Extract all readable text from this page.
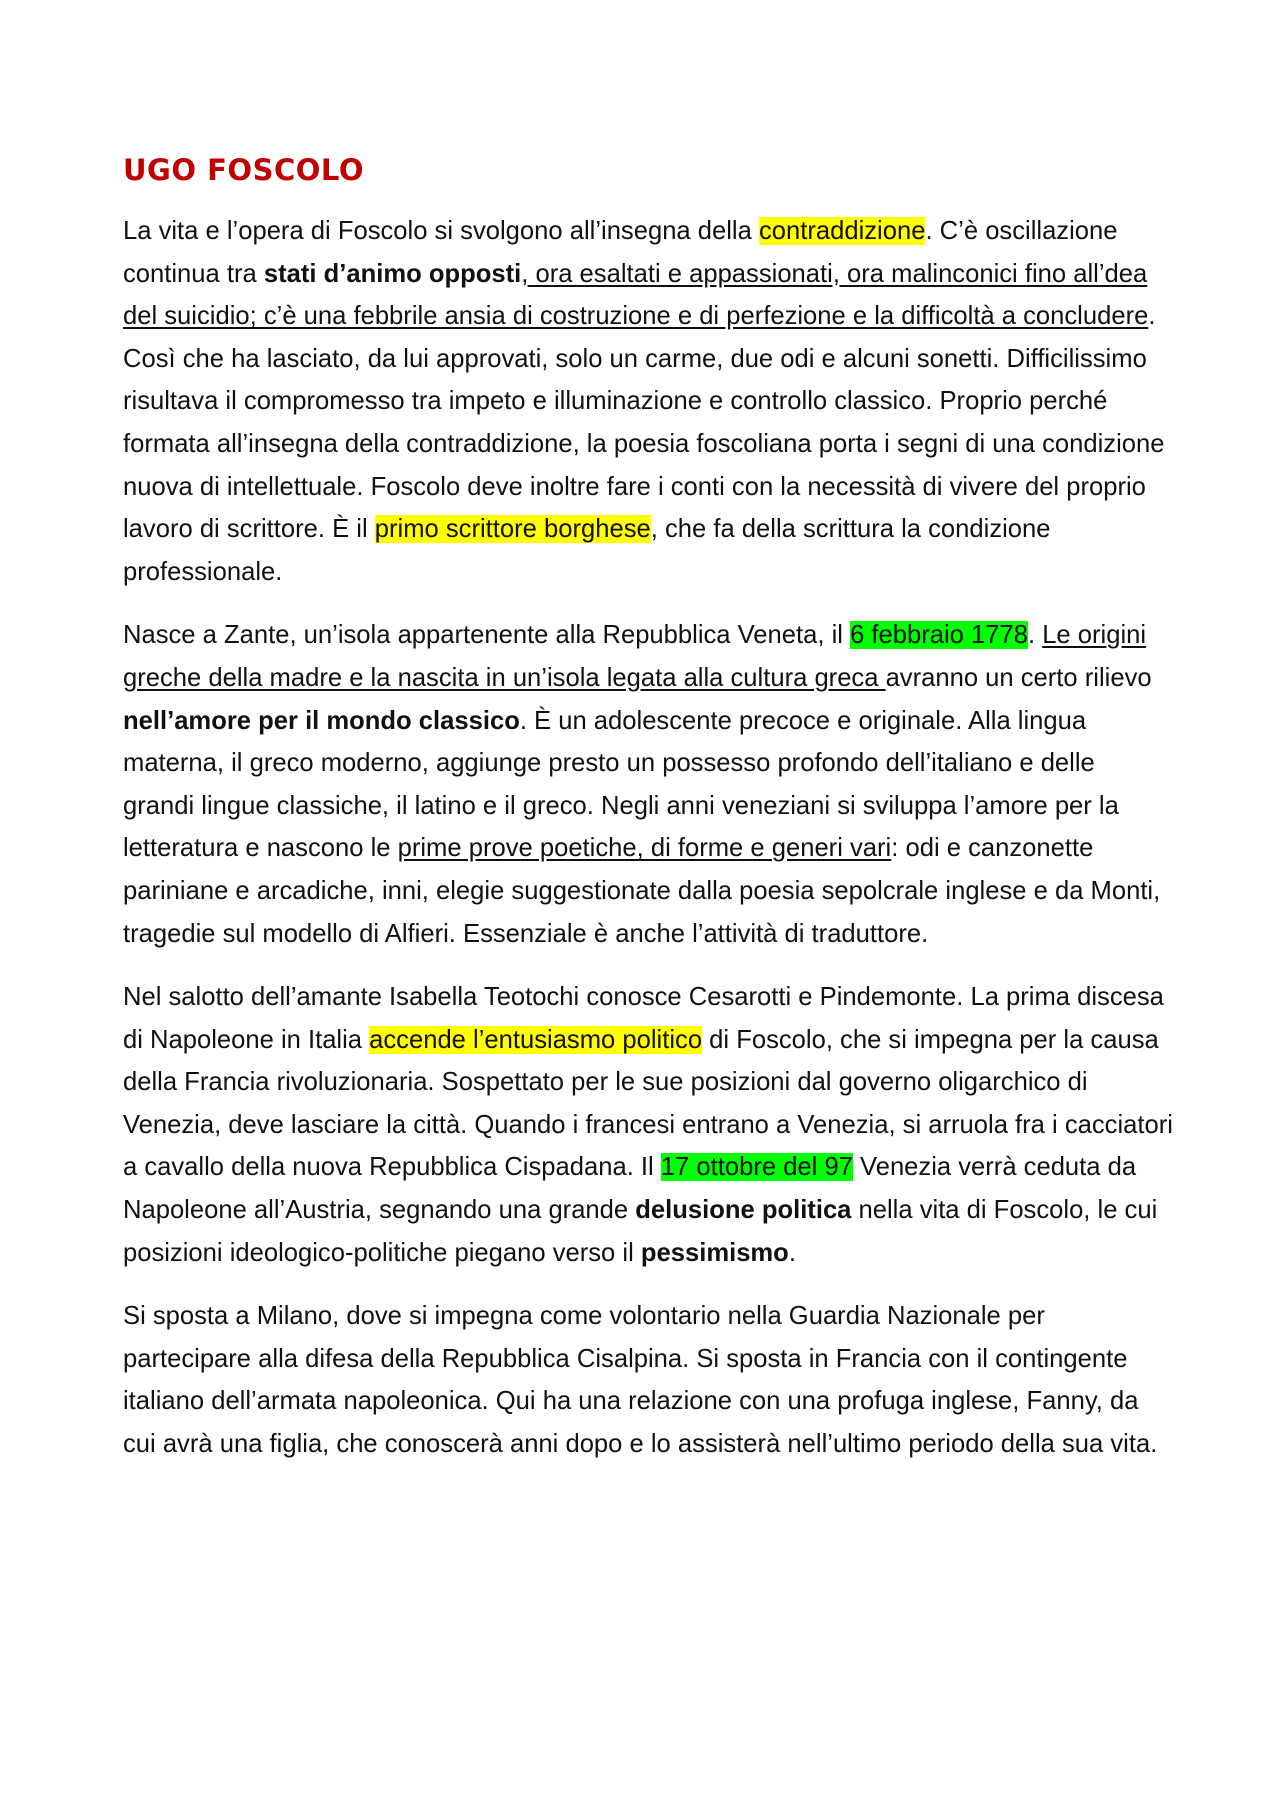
UGO FOSCOLO

La vita e l’opera di Foscolo si svolgono all’insegna della contraddizione. C’è oscillazione continua tra stati d’animo opposti, ora esaltati e appassionati, ora malinconici fino all’dea del suicidio; c’è una febbrile ansia di costruzione e di perfezione e la difficoltà a concludere. Così che ha lasciato, da lui approvati, solo un carme, due odi e alcuni sonetti. Difficilissimo risultava il compromesso tra impeto e illuminazione e controllo classico. Proprio perché formata all’insegna della contraddizione, la poesia foscoliana porta i segni di una condizione nuova di intellettuale. Foscolo deve inoltre fare i conti con la necessità di vivere del proprio lavoro di scrittore. È il primo scrittore borghese, che fa della scrittura la condizione professionale.

Nasce a Zante, un’isola appartenente alla Repubblica Veneta, il 6 febbraio 1778. Le origini greche della madre e la nascita in un’isola legata alla cultura greca avranno un certo rilievo nell’amore per il mondo classico. È un adolescente precoce e originale. Alla lingua materna, il greco moderno, aggiunge presto un possesso profondo dell’italiano e delle grandi lingue classiche, il latino e il greco. Negli anni veneziani si sviluppa l’amore per la letteratura e nascono le prime prove poetiche, di forme e generi vari: odi e canzonette pariniane e arcadiche, inni, elegie suggestionate dalla poesia sepolcrale inglese e da Monti, tragedie sul modello di Alfieri. Essenziale è anche l’attività di traduttore.

Nel salotto dell’amante Isabella Teotochi conosce Cesarotti e Pindemonte. La prima discesa di Napoleone in Italia accende l’entusiasmo politico di Foscolo, che si impegna per la causa della Francia rivoluzionaria. Sospettato per le sue posizioni dal governo oligarchico di Venezia, deve lasciare la città. Quando i francesi entrano a Venezia, si arruola fra i cacciatori a cavallo della nuova Repubblica Cispadana. Il 17 ottobre del 97 Venezia verrà ceduta da Napoleone all’Austria, segnando una grande delusione politica nella vita di Foscolo, le cui posizioni ideologico-politiche piegano verso il pessimismo.

Si sposta a Milano, dove si impegna come volontario nella Guardia Nazionale per partecipare alla difesa della Repubblica Cisalpina. Si sposta in Francia con il contingente italiano dell’armata napoleonica. Qui ha una relazione con una profuga inglese, Fanny, da cui avrà una figlia, che conoscerà anni dopo e lo assisterà nell’ultimo periodo della sua vita.
